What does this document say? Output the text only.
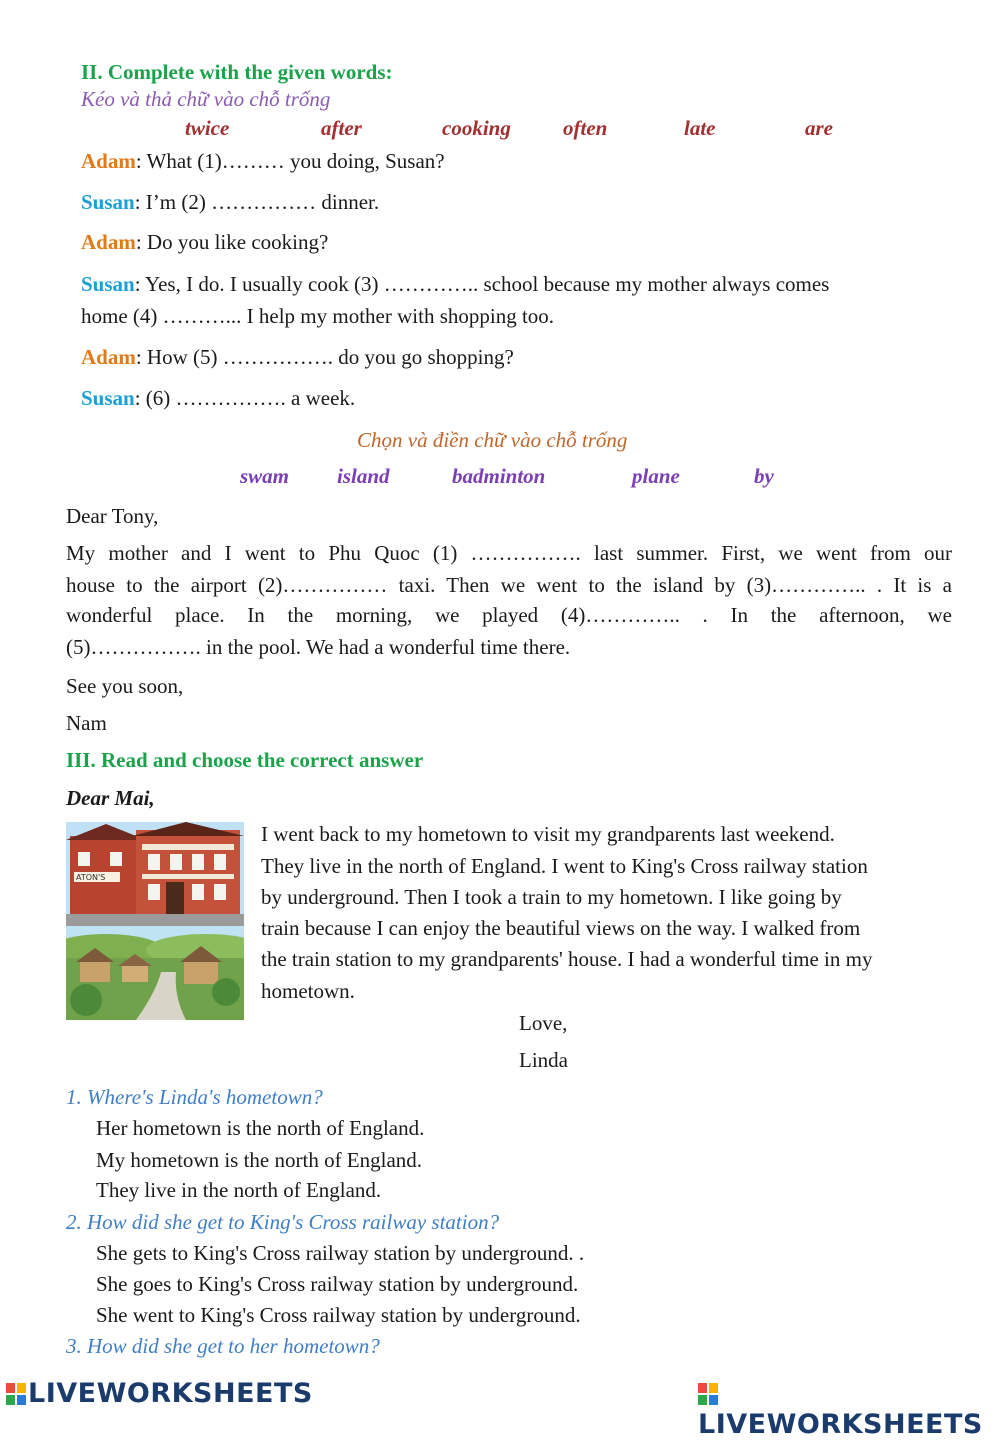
II. Complete with the given words:
Kéo và thả chữ vào chỗ trống
twice	after	cooking often	late	are
Adam: What (1)……… you doing, Susan?
Susan: I’m (2) …………… dinner.
Adam: Do you like cooking?
Susan: Yes, I do. I usually cook (3) ………….. school because my mother always comes
home (4) ………... I help my mother with shopping too.
Adam: How (5) ……………. do you go shopping?
Susan: (6) ……………. a week.
Chọn và điền chữ vào chỗ trống
swam island	badminton	plane	by
Dear Tony,
My mother and I went to Phu Quoc (1) ……………. last summer. First, we went from our
house to the airport (2)…………… taxi. Then we went to the island by (3)………….. . It is a
wonderful place. In the morning, we played (4)………….. . In the afternoon, we
(5)……………. in the pool. We had a wonderful time there.
See you soon,
Nam
III. Read and choose the correct answer
Dear Mai,
ATON'S
I went back to my hometown to visit my grandparents last weekend.
They live in the north of England. I went to King's Cross railway station
by underground. Then I took a train to my hometown. I like going by
train because I can enjoy the beautiful views on the way. I walked from
the train station to my grandparents' house. I had a wonderful time in my
hometown.
Love,
Linda
1. Where's Linda's hometown?
Her hometown is the north of England.
My hometown is the north of England.
They live in the north of England.
2. How did she get to King's Cross railway station?
She gets to King's Cross railway station by underground. .
She goes to King's Cross railway station by underground.
She went to King's Cross railway station by underground.
3. How did she get to her hometown?
LIVEWORKSHEETS
LIVEWORKSHEETS
